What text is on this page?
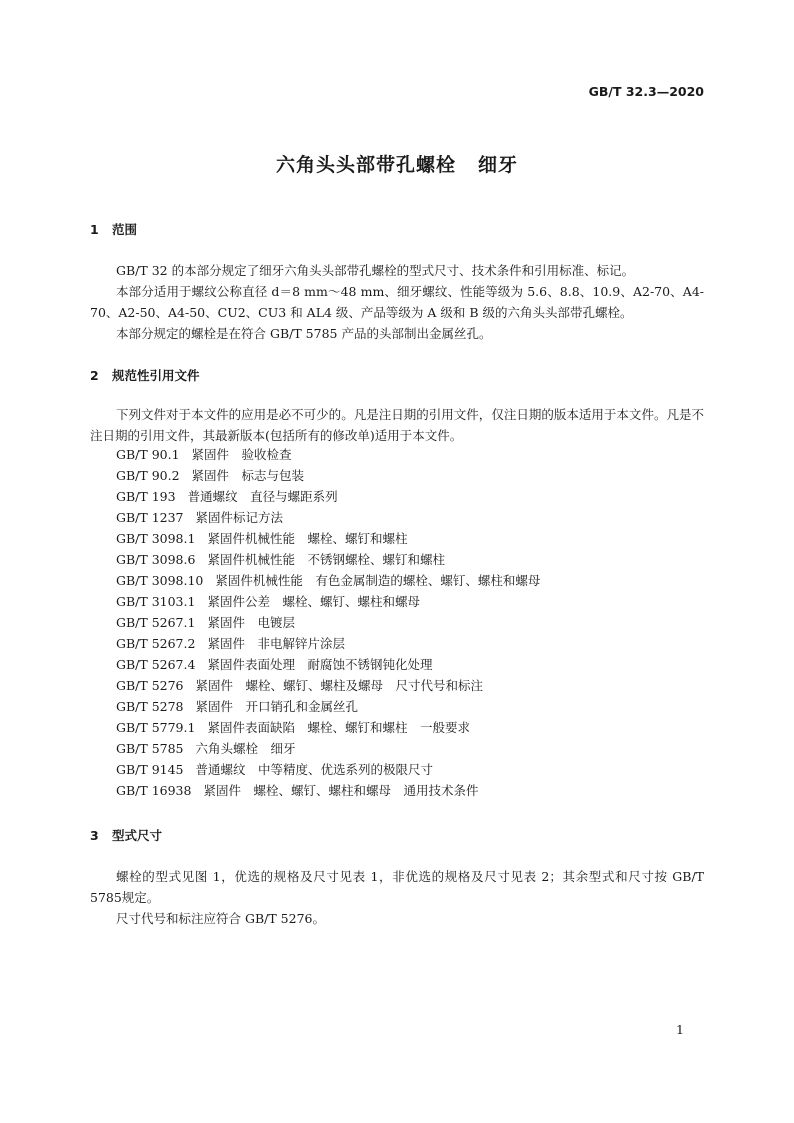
GB/T 32.3—2020
六角头头部带孔螺栓 细牙
1 范围

GB/T 32 的本部分规定了细牙六角头头部带孔螺栓的型式尺寸、技术条件和引用标准、标记。

本部分适用于螺纹公称直径 d＝8 mm～48 mm、细牙螺纹、性能等级为 5.6、8.8、10.9、A2-70、A4-70、A2-50、A4-50、CU2、CU3 和 AL4 级、产品等级为 A 级和 B 级的六角头头部带孔螺栓。

本部分规定的螺栓是在符合 GB/T 5785 产品的头部制出金属丝孔。

2 规范性引用文件

下列文件对于本文件的应用是必不可少的。凡是注日期的引用文件，仅注日期的版本适用于本文件。凡是不注日期的引用文件，其最新版本(包括所有的修改单)适用于本文件。

GB/T 90.1 紧固件　验收检查
GB/T 90.2 紧固件　标志与包装
GB/T 193 普通螺纹　直径与螺距系列
GB/T 1237 紧固件标记方法
GB/T 3098.1 紧固件机械性能　螺栓、螺钉和螺柱
GB/T 3098.6 紧固件机械性能　不锈钢螺栓、螺钉和螺柱
GB/T 3098.10 紧固件机械性能　有色金属制造的螺栓、螺钉、螺柱和螺母
GB/T 3103.1 紧固件公差　螺栓、螺钉、螺柱和螺母
GB/T 5267.1 紧固件　电镀层
GB/T 5267.2 紧固件　非电解锌片涂层
GB/T 5267.4 紧固件表面处理　耐腐蚀不锈钢钝化处理
GB/T 5276 紧固件　螺栓、螺钉、螺柱及螺母　尺寸代号和标注
GB/T 5278 紧固件　开口销孔和金属丝孔
GB/T 5779.1 紧固件表面缺陷　螺栓、螺钉和螺柱　一般要求
GB/T 5785 六角头螺栓　细牙
GB/T 9145 普通螺纹　中等精度、优选系列的极限尺寸
GB/T 16938 紧固件　螺栓、螺钉、螺柱和螺母　通用技术条件
3 型式尺寸

螺栓的型式见图 1，优选的规格及尺寸见表 1，非优选的规格及尺寸见表 2；其余型式和尺寸按 GB/T 5785规定。

尺寸代号和标注应符合 GB/T 5276。

1
